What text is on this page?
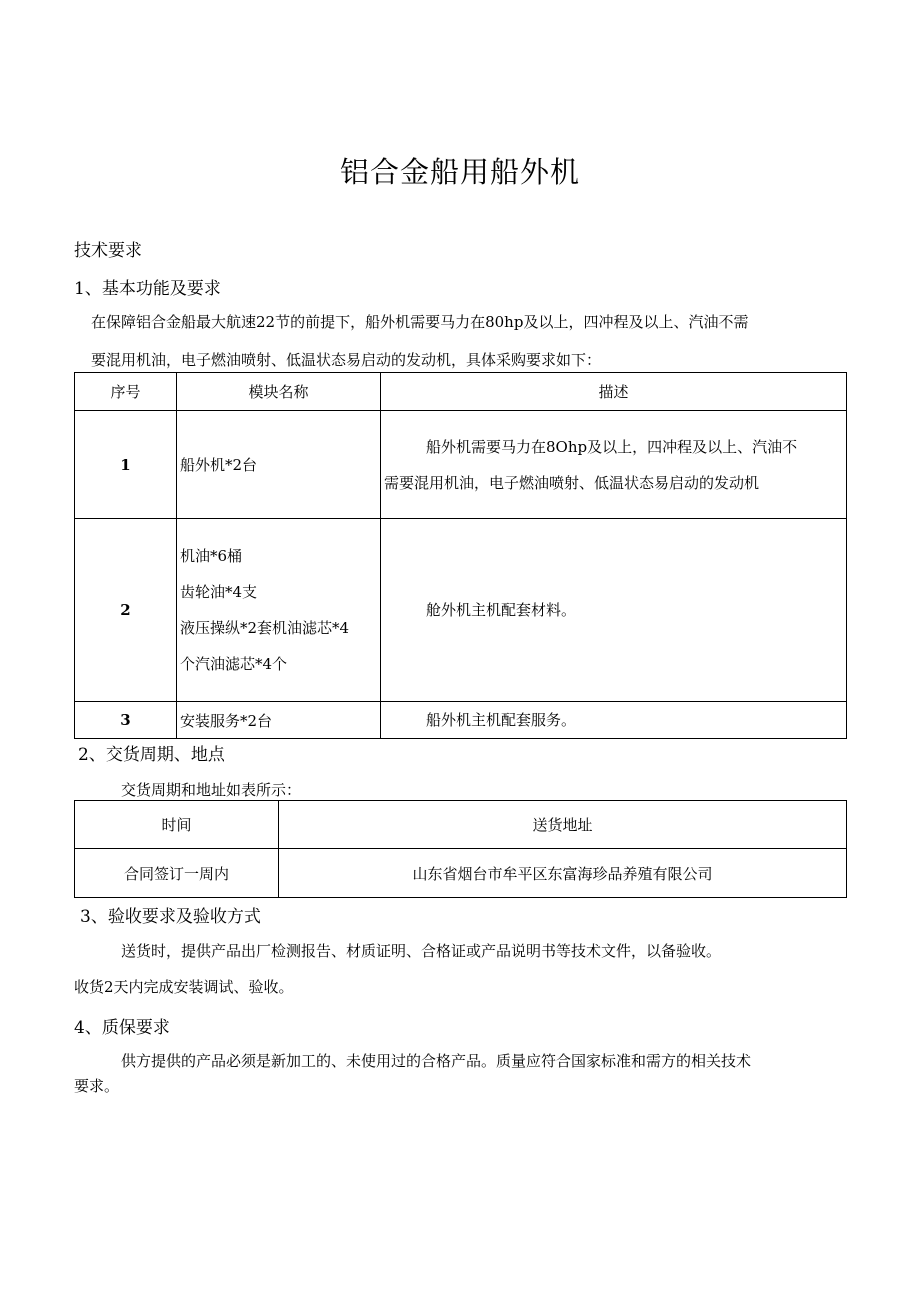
铝合金船用船外机
技术要求
1、基本功能及要求
在保障铝合金船最大航速22节的前提下，船外机需要马力在80hp及以上，四冲程及以上、汽油不需
要混用机油，电子燃油喷射、低温状态易启动的发动机，具体采购要求如下：
序号	模块名称	描述
1	船外机*2台	船外机需要马力在8Ohp及以上，四冲程及以上、汽油不
需要混用机油，电子燃油喷射、低温状态易启动的发动机

2	机油*6桶
齿轮油*4支
液压操纵*2套机油滤芯*4
个汽油滤芯*4个	舱外机主机配套材料。
3	安装服务*2台	船外机主机配套服务。
2、交货周期、地点
交货周期和地址如表所示：
时间	送货地址
合同签订一周内	山东省烟台市牟平区东富海珍品养殖有限公司
3、验收要求及验收方式
送货时，提供产品出厂检测报告、材质证明、合格证或产品说明书等技术文件，以备验收。
收货2天内完成安装调试、验收。
4、质保要求
供方提供的产品必须是新加工的、未使用过的合格产品。质量应符合国家标准和需方的相关技术
要求。
